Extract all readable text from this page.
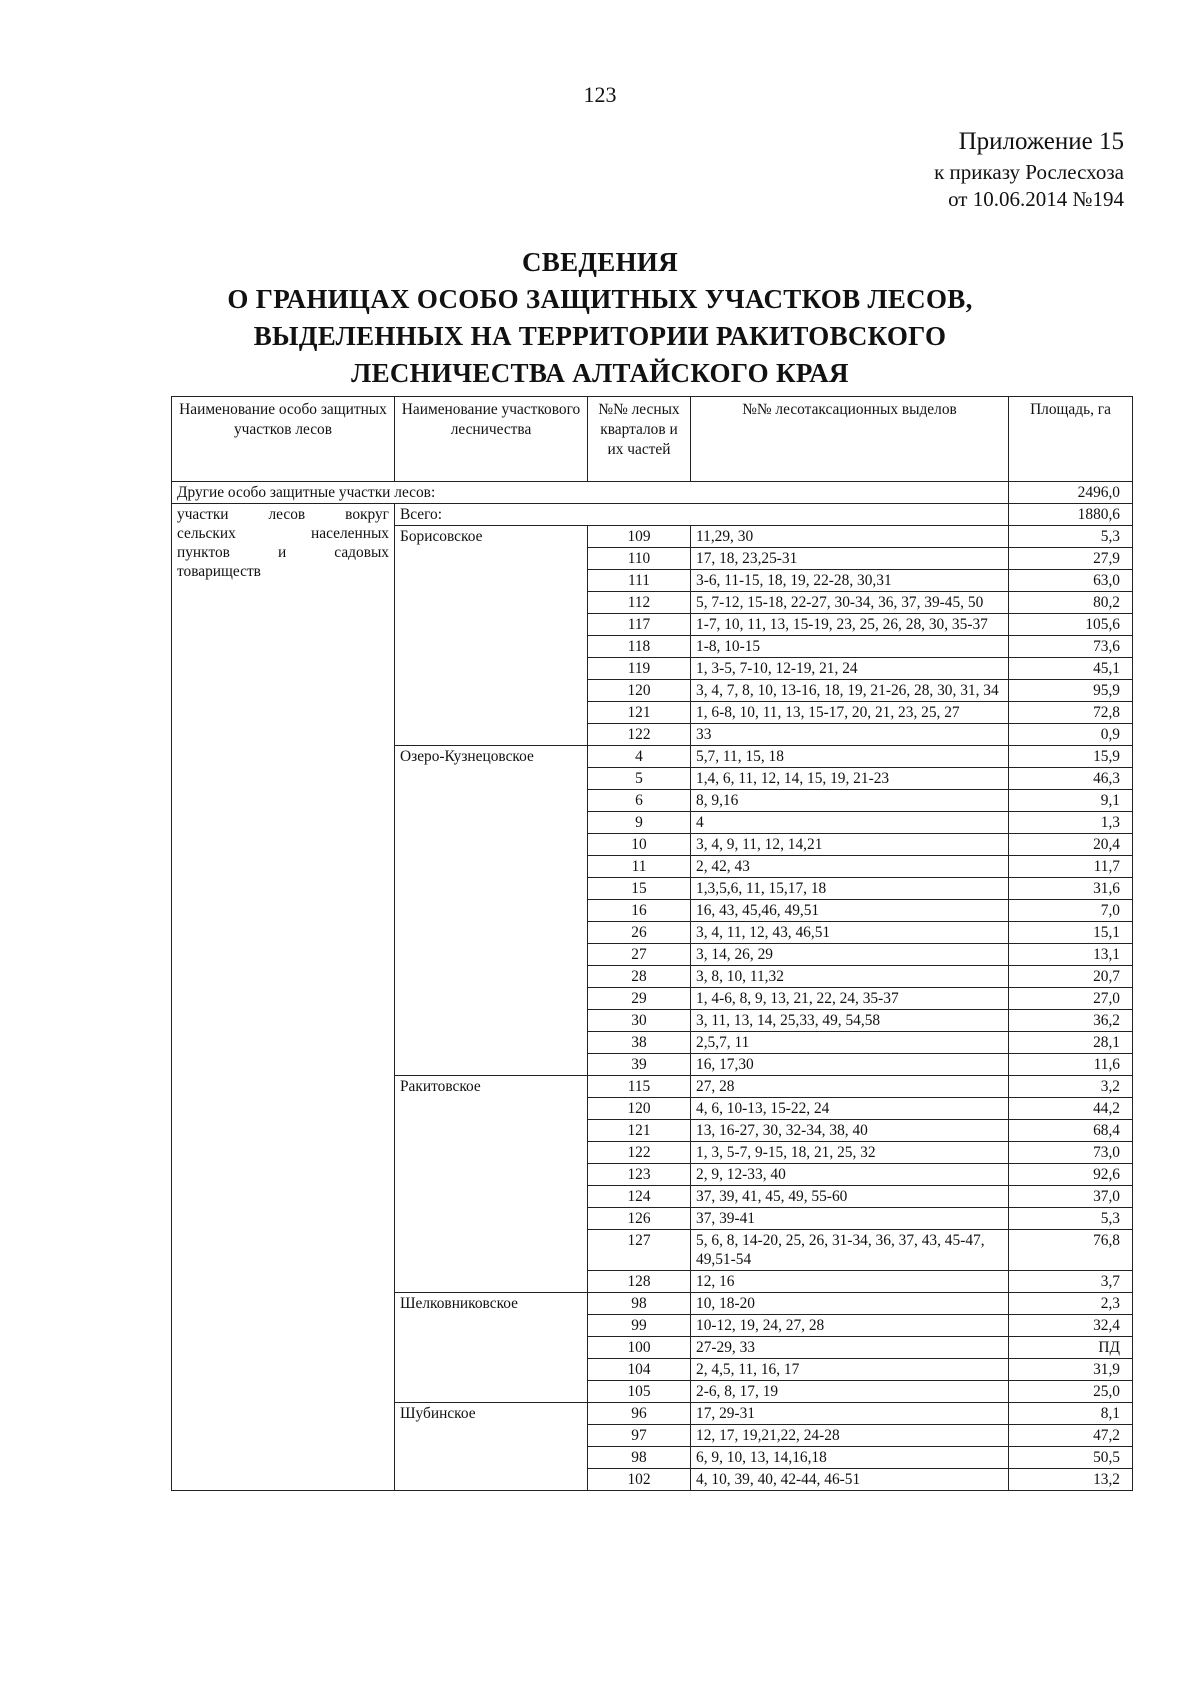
123
Приложение 15
к приказу Рослесхоза
от 10.06.2014 №194
СВЕДЕНИЯ
О ГРАНИЦАХ ОСОБО ЗАЩИТНЫХ УЧАСТКОВ ЛЕСОВ,
ВЫДЕЛЕННЫХ НА ТЕРРИТОРИИ РАКИТОВСКОГО
ЛЕСНИЧЕСТВА АЛТАЙСКОГО КРАЯ
Наименование особо защитных участков лесов	Наименование участкового лесничества	№№ лесных кварталов и их частей	№№ лесотаксационных выделов	Площадь, га
Другие особо защитные участки лесов:				2496,0

участки лесов вокруг
сельских населенных
пунктов и садовых
товариществ	Всего:			1880,6
	Борисовское	109	11,29, 30	5,3
		110	17, 18, 23,25-31	27,9
		111	3-6, 11-15, 18, 19, 22-28, 30,31	63,0
		112	5, 7-12, 15-18, 22-27, 30-34, 36, 37, 39-45, 50	80,2
		117	1-7, 10, 11, 13, 15-19, 23, 25, 26, 28, 30, 35-37	105,6
		118	1-8, 10-15	73,6
		119	1, 3-5, 7-10, 12-19, 21, 24	45,1
		120	3, 4, 7, 8, 10, 13-16, 18, 19, 21-26, 28, 30, 31, 34	95,9
		121	1, 6-8, 10, 11, 13, 15-17, 20, 21, 23, 25, 27	72,8
		122	33	0,9
	Озеро-Кузнецовское	4	5,7, 11, 15, 18	15,9
		5	1,4, 6, 11, 12, 14, 15, 19, 21-23	46,3
		6	8, 9,16	9,1
		9	4	1,3
		10	3, 4, 9, 11, 12, 14,21	20,4
		11	2, 42, 43	11,7
		15	1,3,5,6, 11, 15,17, 18	31,6
		16	16, 43, 45,46, 49,51	7,0
		26	3, 4, 11, 12, 43, 46,51	15,1
		27	3, 14, 26, 29	13,1
		28	3, 8, 10, 11,32	20,7
		29	1, 4-6, 8, 9, 13, 21, 22, 24, 35-37	27,0
		30	3, 11, 13, 14, 25,33, 49, 54,58	36,2
		38	2,5,7, 11	28,1
		39	16, 17,30	11,6
	Ракитовское	115	27, 28	3,2
		120	4, 6, 10-13, 15-22, 24	44,2
		121	13, 16-27, 30, 32-34, 38, 40	68,4
		122	1, 3, 5-7, 9-15, 18, 21, 25, 32	73,0
		123	2, 9, 12-33, 40	92,6
		124	37, 39, 41, 45, 49, 55-60	37,0
		126	37, 39-41	5,3
		127	5, 6, 8, 14-20, 25, 26, 31-34, 36, 37, 43, 45-47, 49,51-54	76,8
		128	12, 16	3,7
	Шелковниковское	98	10, 18-20	2,3
		99	10-12, 19, 24, 27, 28	32,4
		100	27-29, 33	ПД
		104	2, 4,5, 11, 16, 17	31,9
		105	2-6, 8, 17, 19	25,0
	Шубинское	96	17, 29-31	8,1
		97	12, 17, 19,21,22, 24-28	47,2
		98	6, 9, 10, 13, 14,16,18	50,5
		102	4, 10, 39, 40, 42-44, 46-51	13,2
